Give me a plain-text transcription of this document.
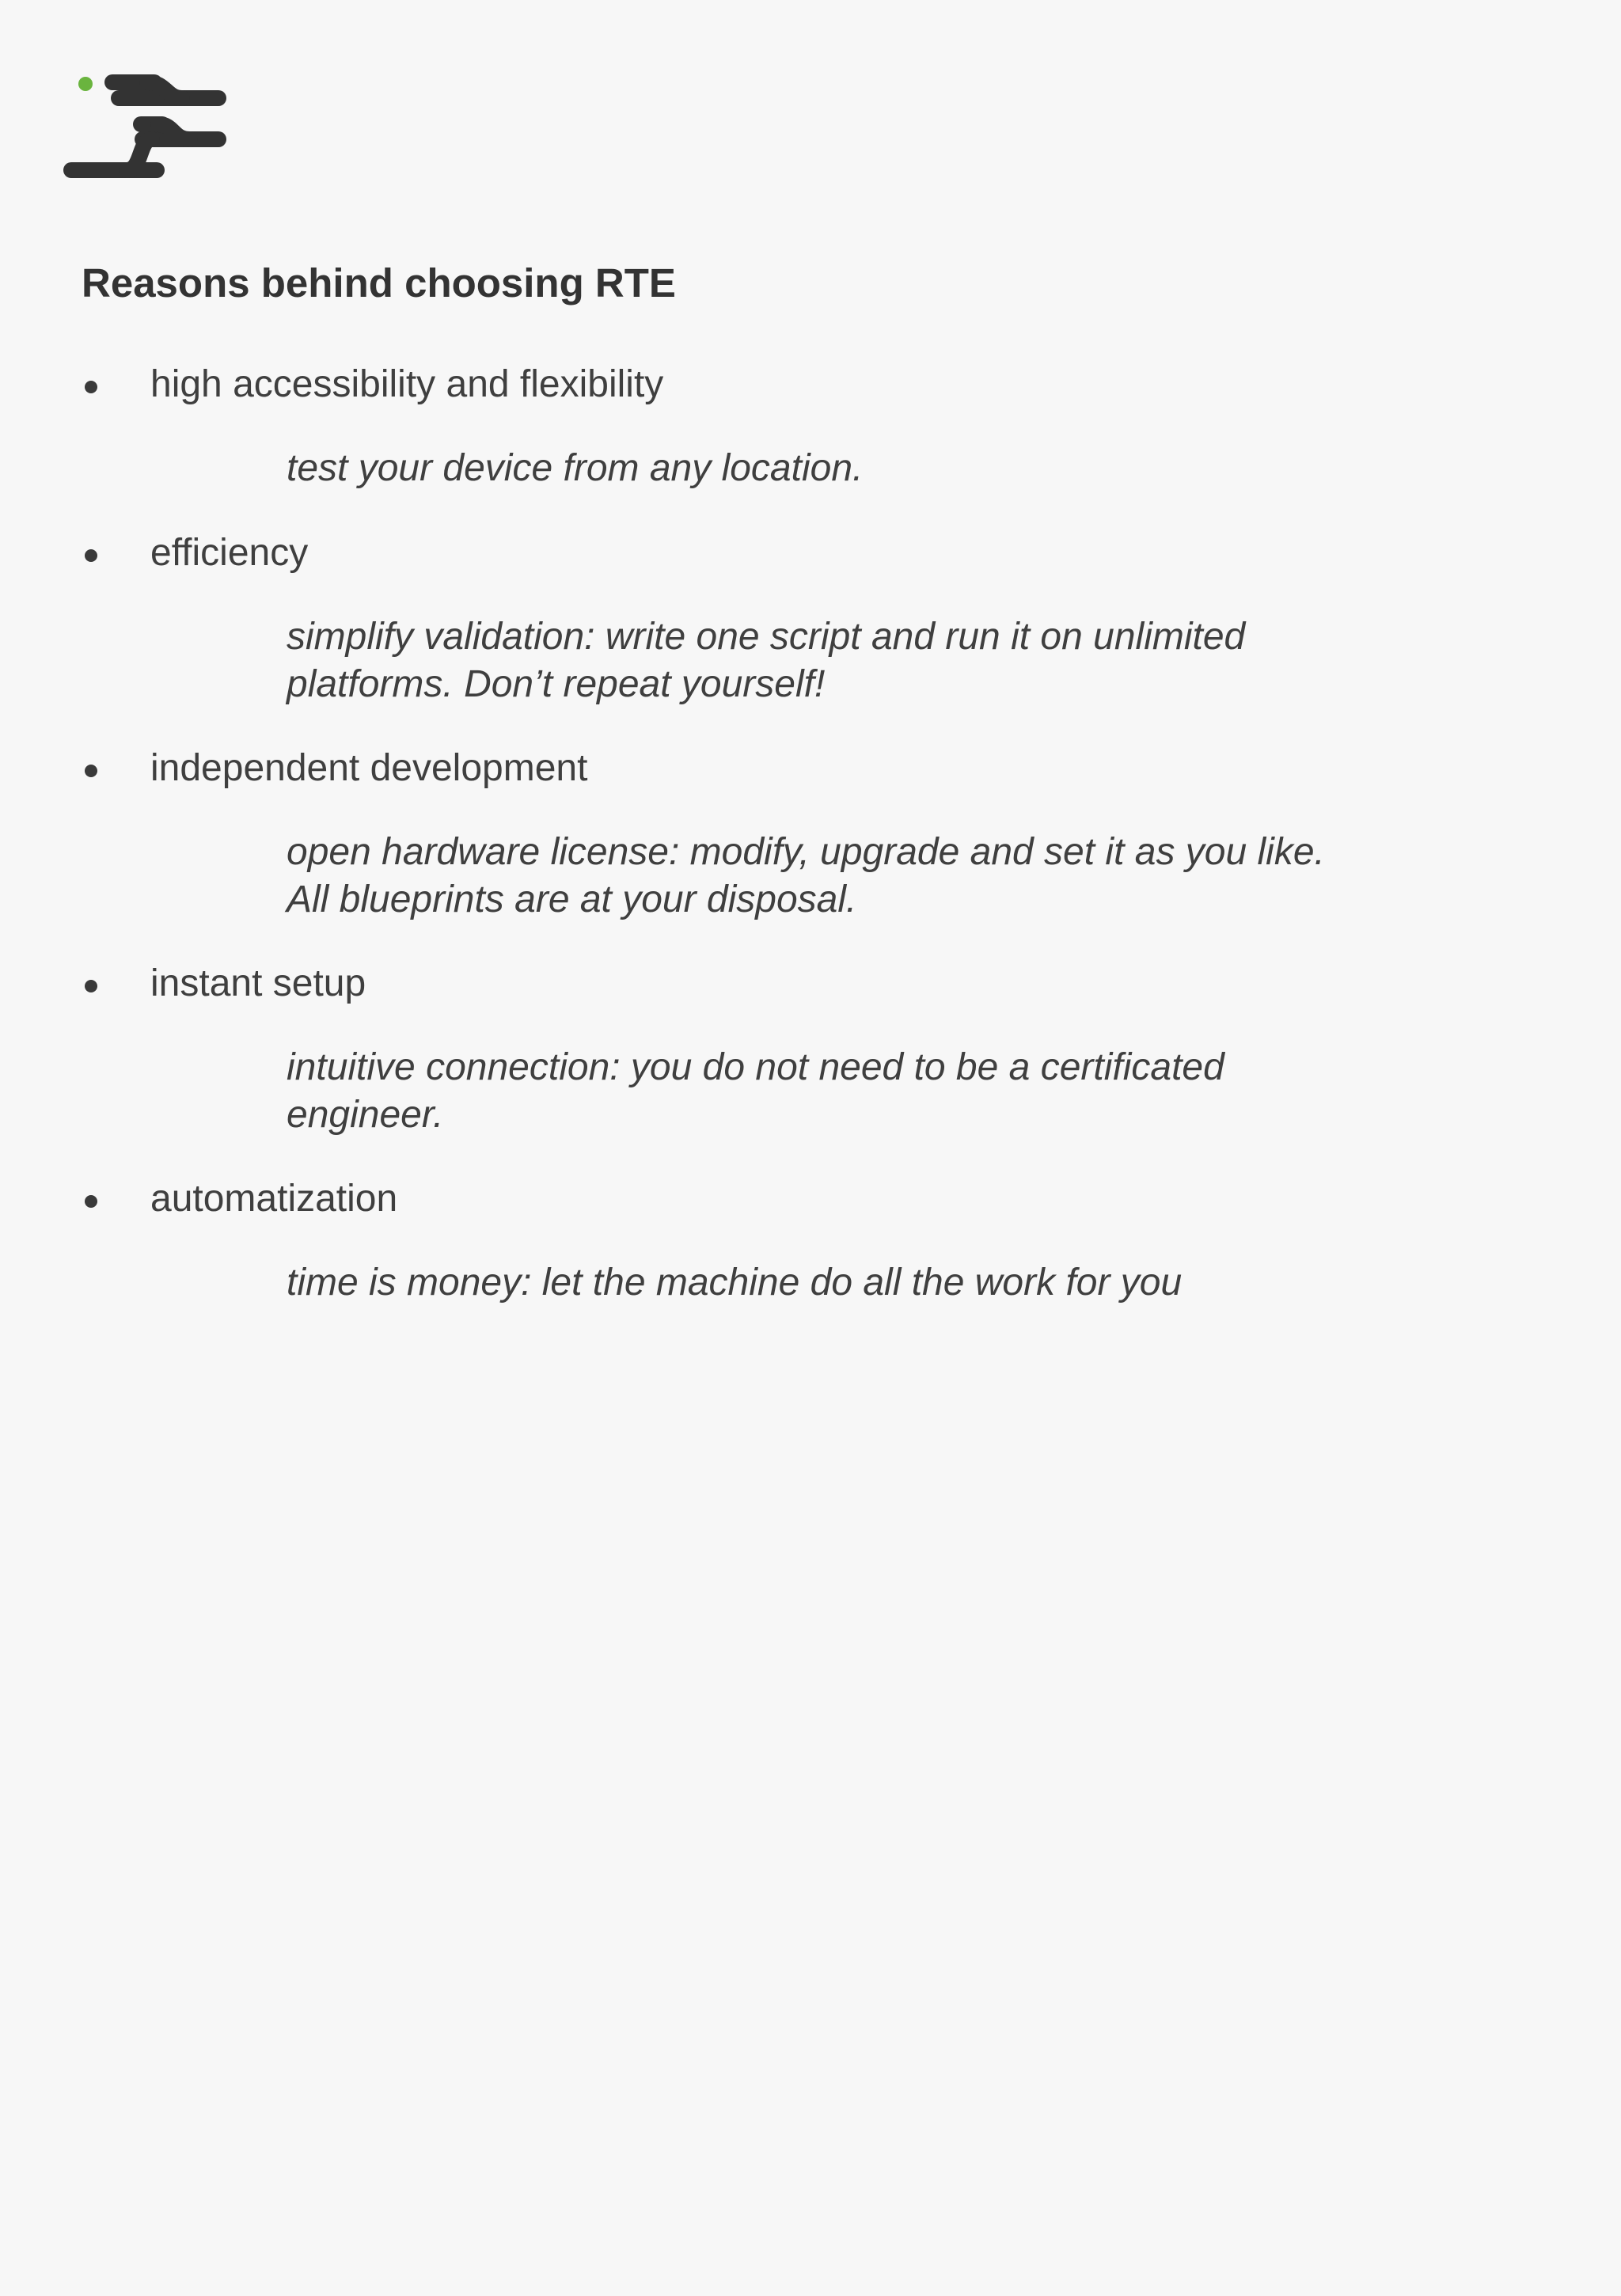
Reasons behind choosing RTE
high accessibility and flexibility
test your device from any location.
efficiency
simplify validation: write one script and run it on unlimited
platforms. Don’t repeat yourself!
independent development
open hardware license: modify, upgrade and set it as you like.
All blueprints are at your disposal.
instant setup
intuitive connection: you do not need to be a certificated
engineer.
automatization
time is money: let the machine do all the work for you
